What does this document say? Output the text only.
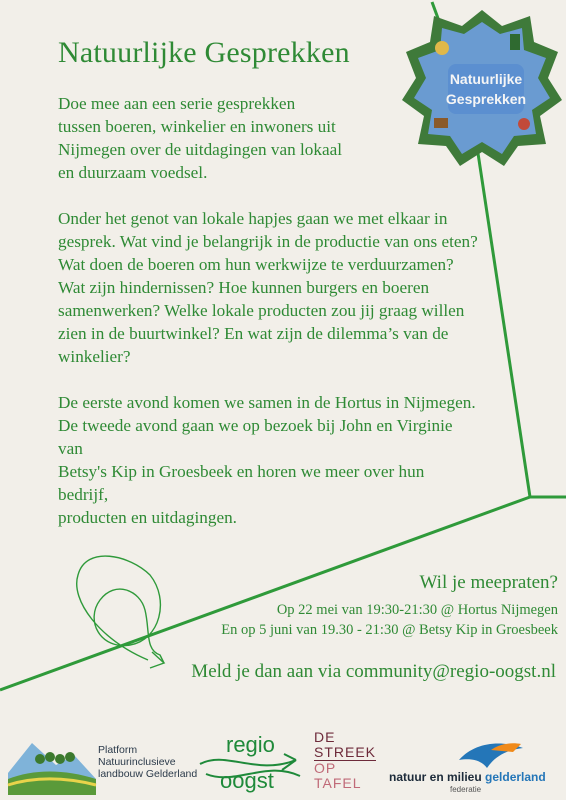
Natuurlijke Gesprekken
Natuurlijke
Gesprekken

Doe mee aan een serie gesprekken
tussen boeren, winkelier en inwoners uit
Nijmegen over de uitdagingen van lokaal
en duurzaam voedsel.

Onder het genot van lokale hapjes gaan we met elkaar in
gesprek. Wat vind je belangrijk in de productie van ons eten?
Wat doen de boeren om hun werkwijze te verduurzamen?
Wat zijn hindernissen? Hoe kunnen burgers en boeren
samenwerken? Welke lokale producten zou jij graag willen
zien in de buurtwinkel? En wat zijn de dilemma’s van de
winkelier?

De eerste avond komen we samen in de Hortus in Nijmegen.
De tweede avond gaan we op bezoek bij John en Virginie van
Betsy's Kip in Groesbeek en horen we meer over hun bedrijf,
producten en uitdagingen.

Wil je meepraten?
Op 22 mei van 19:30-21:30 @ Hortus Nijmegen
En op 5 juni van 19.30 - 21:30 @ Betsy Kip in Groesbeek
Meld je dan aan via community@regio-oogst.nl
Platform
Natuurinclusieve
landbouw Gelderland
regio
oogst
DE
STREEK
OP
TAFEL	natuur en milieu gelderland
federatie
